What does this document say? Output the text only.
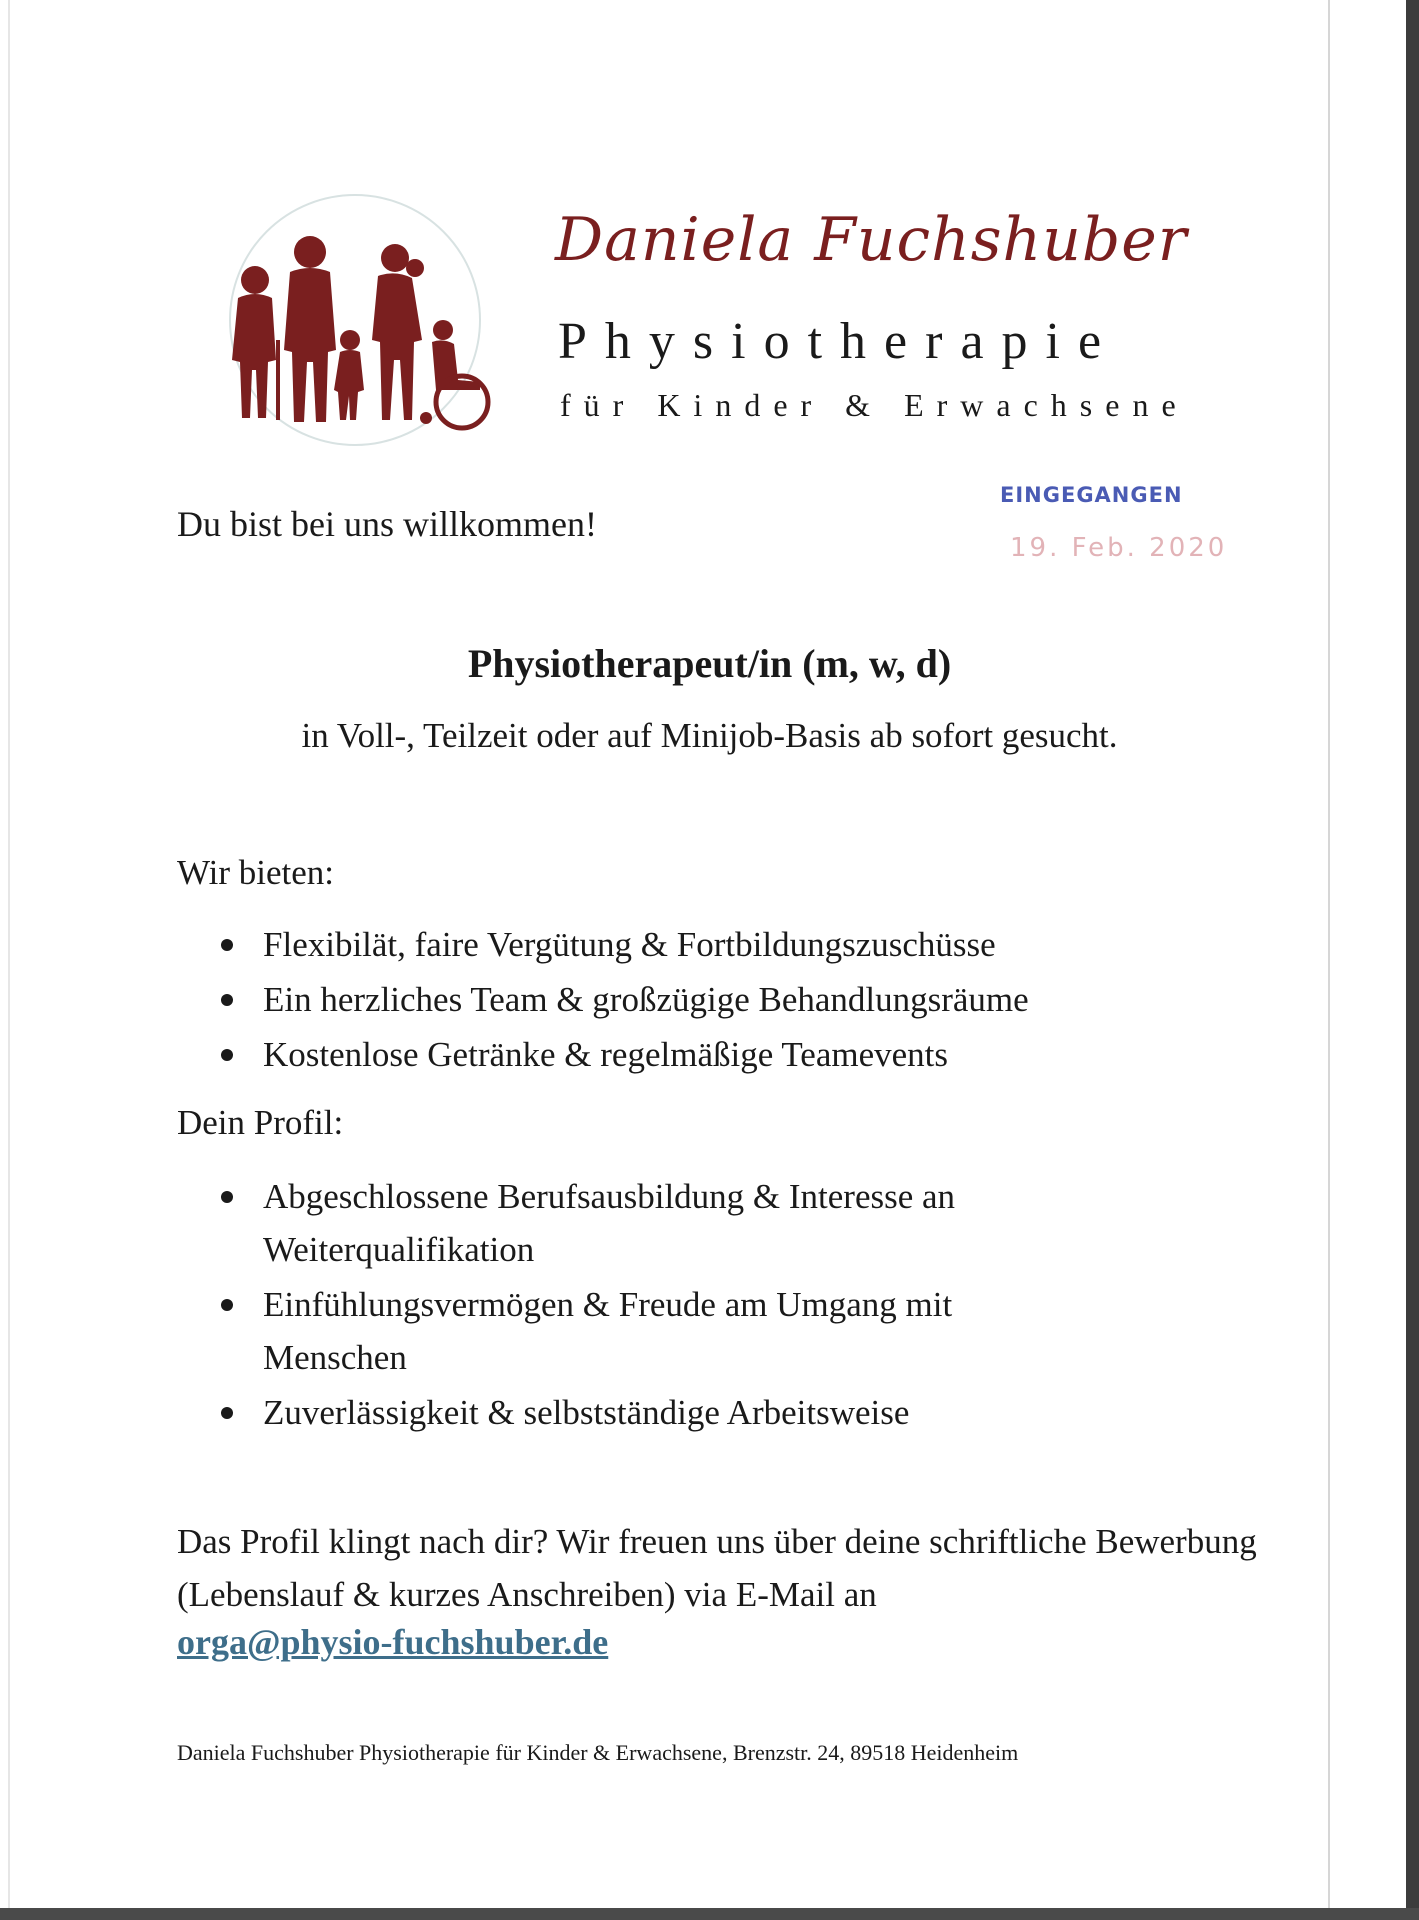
Daniela Fuchshuber
Physiotherapie
für Kinder & Erwachsene
EINGEGANGEN
19. Feb. 2020
Du bist bei uns willkommen!
Physiotherapeut/in (m, w, d)
in Voll-, Teilzeit oder auf Minijob-Basis ab sofort gesucht.
Wir bieten:
Flexibilät, faire Vergütung & Fortbildungszuschüsse
Ein herzliches Team & großzügige Behandlungsräume
Kostenlose Getränke & regelmäßige Teamevents
Dein Profil:
Abgeschlossene Berufsausbildung & Interesse an Weiterqualifikation
Einfühlungsvermögen & Freude am Umgang mit Menschen
Zuverlässigkeit & selbstständige Arbeitsweise
Das Profil klingt nach dir? Wir freuen uns über deine schriftliche Bewerbung (Lebenslauf & kurzes Anschreiben) via E-Mail an
orga@physio-fuchshuber.de
Daniela Fuchshuber Physiotherapie für Kinder & Erwachsene, Brenzstr. 24, 89518 Heidenheim
